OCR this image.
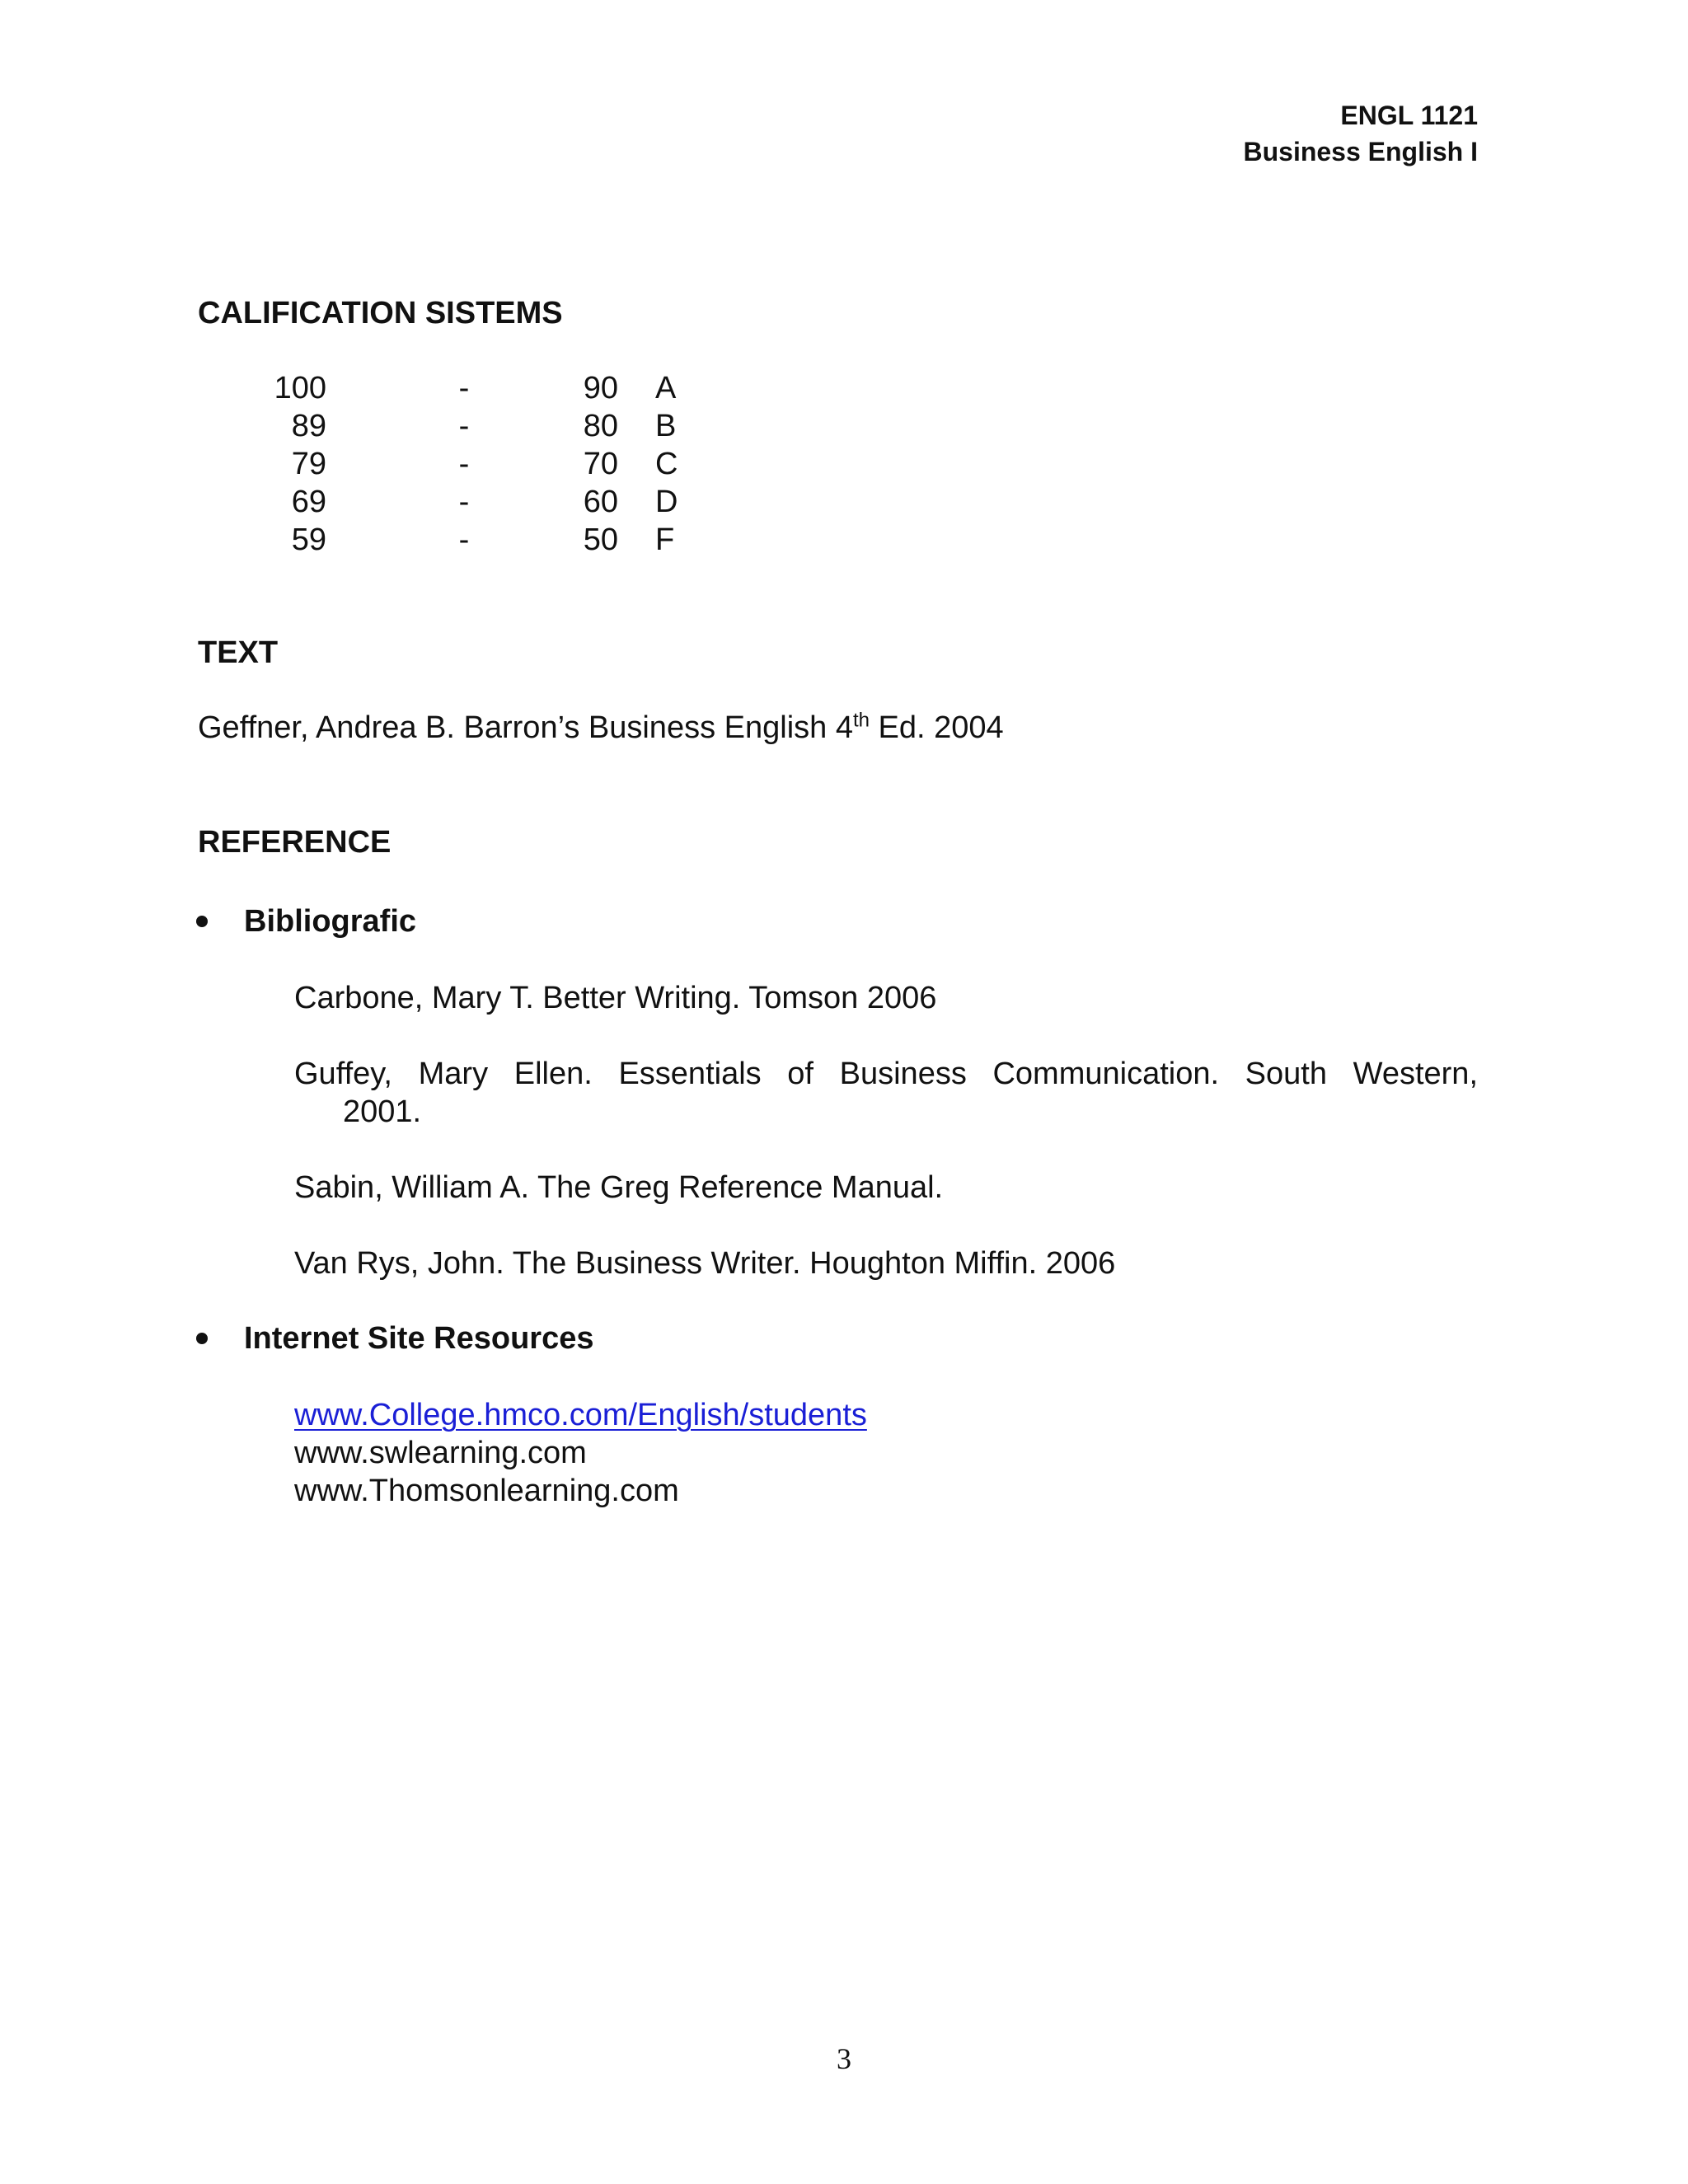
ENGL 1121
Business English I
CALIFICATION SISTEMS
100	-	90 A
89	-	80 B
79	-	70 C
69	-	60 D
59	-	50 F
TEXT
Geffner, Andrea B. Barron’s Business English 4th Ed. 2004
REFERENCE
Bibliografic
Carbone, Mary T. Better Writing. Tomson 2006
Guffey, Mary Ellen. Essentials of Business Communication. South Western,
2001.
Sabin, William A. The Greg Reference Manual.
Van Rys, John. The Business Writer. Houghton Miffin. 2006
Internet Site Resources
www.College.hmco.com/English/students
www.swlearning.com
www.Thomsonlearning.com
3
